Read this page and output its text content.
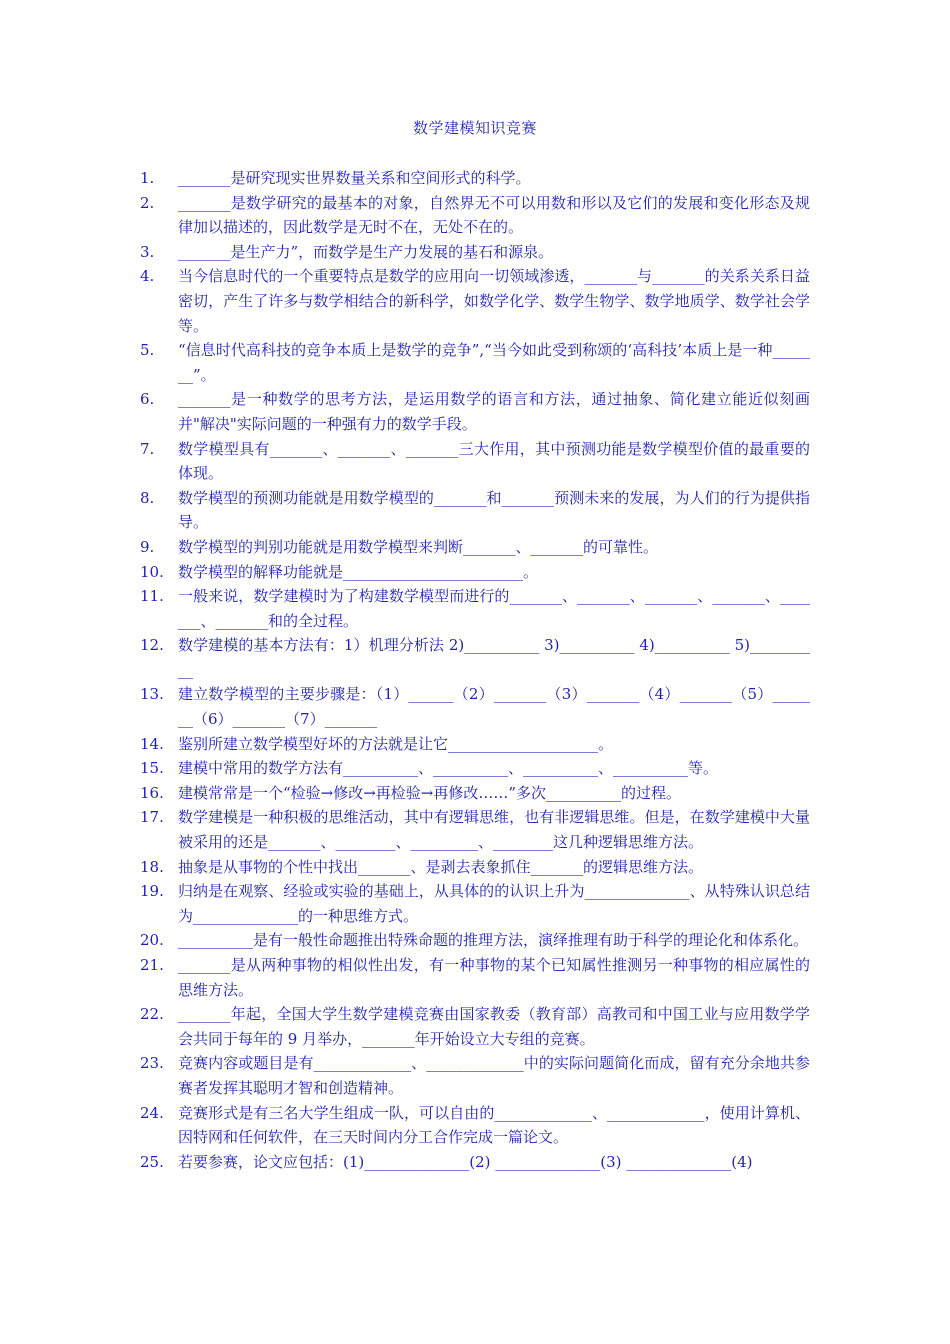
数学建模知识竞赛
1.	_______是研究现实世界数量关系和空间形式的科学。
2.	_______是数学研究的最基本的对象，自然界无不可以用数和形以及它们的发展和变化形态及规律加以描述的，因此数学是无时不在，无处不在的。
3.	_______是生产力”，而数学是生产力发展的基石和源泉。
4.	当今信息时代的一个重要特点是数学的应用向一切领域渗透，_______与_______的关系关系日益密切，产生了许多与数学相结合的新科学，如数学化学、数学生物学、数学地质学、数学社会学等。
5.	“信息时代高科技的竞争本质上是数学的竞争”,“当今如此受到称颂的‘高科技’本质上是一种_______”。
6.	_______是一种数学的思考方法，是运用数学的语言和方法，通过抽象、简化建立能近似刻画并"解决"实际问题的一种强有力的数学手段。
7.	数学模型具有_______、_______、_______三大作用，其中预测功能是数学模型价值的最重要的体现。
8.	数学模型的预测功能就是用数学模型的_______和_______预测未来的发展，为人们的行为提供指导。
9.	数学模型的判别功能就是用数学模型来判断_______、_______的可靠性。
10. 数学模型的解释功能就是________________________。
11. 一般来说，数学建模时为了构建数学模型而进行的_______、_______、_______、_______、_______、_______和的全过程。
12. 数学建模的基本方法有：1）机理分析法 2)__________ 3)__________ 4)__________ 5)__________
13. 建立数学模型的主要步骤是：（1）______（2）_______（3）_______（4）_______（5）_______（6）_______（7）_______
14. 鉴别所建立数学模型好坏的方法就是让它____________________。
15. 建模中常用的数学方法有__________、__________、__________、__________等。
16. 建模常常是一个“检验→修改→再检验→再修改……”多次__________的过程。
17. 数学建模是一种积极的思维活动，其中有逻辑思维，也有非逻辑思维。但是，在数学建模中大量被采用的还是_______、________、_________、________这几种逻辑思维方法。
18. 抽象是从事物的个性中找出_______、是剥去表象抓住_______的逻辑思维方法。
19. 归纳是在观察、经验或实验的基础上，从具体的的认识上升为______________、从特殊认识总结为______________的一种思维方式。
20. __________是有一般性命题推出特殊命题的推理方法，演绎推理有助于科学的理论化和体系化。
21. _______是从两种事物的相似性出发，有一种事物的某个已知属性推测另一种事物的相应属性的思维方法。
22. _______年起，全国大学生数学建模竞赛由国家教委（教育部）高教司和中国工业与应用数学学会共同于每年的 9 月举办，_______年开始设立大专组的竞赛。
23. 竞赛内容或题目是有_____________、_____________中的实际问题简化而成，留有充分余地共参赛者发挥其聪明才智和创造精神。
24. 竞赛形式是有三名大学生组成一队，可以自由的_____________、_____________，使用计算机、因特网和任何软件，在三天时间内分工合作完成一篇论文。
25. 若要参赛，论文应包括：(1)______________(2) ______________(3) ______________(4)
